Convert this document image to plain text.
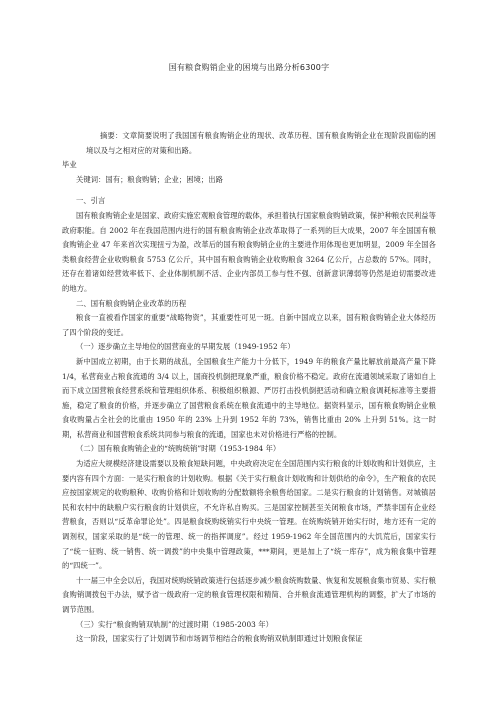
国有粮食购销企业的困境与出路分析6300字

摘要：文章简要说明了我国国有粮食购销企业的现状、改革历程、国有粮食购销企业在现阶段面临的困境以及与之相对应的对策和出路。

毕业

关键词：国有；粮食购销；企业；困境；出路

一、引言

国有粮食购销企业是国家、政府实施宏观粮食管理的载体，承担着执行国家粮食购销政策，保护种粮农民利益等政府职能。自 2002 年在我国范围内进行的国有粮食购销企业改革取得了一系列的巨大成果，2007 年全国国有粮食购销企业 47 年来首次实现扭亏为盈，改革后的国有粮食购销企业的主要进作用体现也更加明显，2009 年全国各类粮食经营企业收购粮食 5753 亿公斤，其中国有粮食购销企业收购粮食 3264 亿公斤，占总数的 57%。同时，还存在着诸如经营效率低下、企业体制机制不活、企业内部员工参与性不强、创新意识薄弱等仍然是迫切需要改进的地方。

二、国有粮食购销企业改革的历程

粮食一直被看作国家的重要“战略物资”，其重要性可见一斑。自新中国成立以来，国有粮食购销企业大体经历了四个阶段的变迁。

（一）逐步确立主导地位的国营商业的早期发展（1949-1952 年）

新中国成立初期，由于长期的战乱，全国粮食生产能力十分低下，1949 年的粮食产量比解放前最高产量下降 1/4，私营商业占粮食流通的 3/4 以上，国商投机倒把现象严重，粮食价格不稳定。政府在流通领域采取了诸如自上而下成立国营粮食经营系统和管理组织体系、积极组织粮源、严厉打击投机倒把活动和确立粮食调耗标准等主要措施，稳定了粮食的价格，并逐步确立了国营粮食系统在粮食流通中的主导地位。据资料显示，国有粮食购销企业粮食收购量占全社会的比重由 1950 年的 23% 上升到 1952 年的 73%，销售比重由 20% 上升到 51%。这一时期，私营商业和国营粮食系统共同参与粮食的流通，国家也未对价格进行严格的控制。

（二）国有粮食购销企业的“统购统销”时期（1953-1984 年）

为适应大规模经济建设需要以及粮食短缺问题，中央政府决定在全国范围内实行粮食的计划收购和计划供应，主要内容有四个方面：一是实行粮食的计划收购。根据《关于实行粮食计划收购和计划供给的命令》，生产粮食的农民应按国家规定的收购粮种、收购价格和计划收购的分配数额将余粮售给国家。二是实行粮食的计划销售。对城镇居民和农村中的缺粮户实行粮食的计划供应，不允许私自购买。三是国家控制甚至关闭粮食市场，严禁非国有企业经营粮食，否则以“反革命罪论处”。四是粮食统购统销实行中央统一管理。在统购统销开始实行时，地方还有一定的调剂权，国家采取的是“统一的管理、统一的指挥调度”。经过 1959-1962 年全国范围内的大饥荒后，国家实行了“统一征购、统一销售、统一调拨”的中央集中管理政策，***期间，更是加上了“统一库存”，成为粮食集中管理的“四统一”。

十一届三中全会以后，我国对统购统销政策进行包括逐步减少粮食统购数量、恢复和发展粮食集市贸易、实行粮食购销调拨包干办法，赋予省一级政府一定的粮食管理权限和精简、合并粮食流通管理机构的调整，扩大了市场的调节范围。

（三）实行“粮食购销双轨制”的过渡时期（1985-2003 年）

这一阶段，国家实行了计划调节和市场调节相结合的粮食购销双轨制即通过计划粮食保证
